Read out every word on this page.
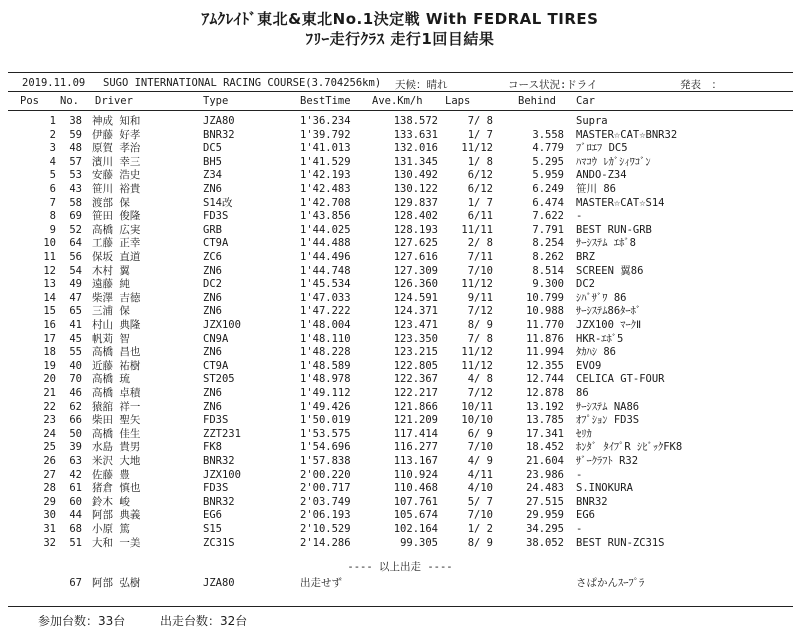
ｱﾑｸﾚｲﾄﾞ東北&東北No.1決定戦 With FEDRAL TIRES
ﾌﾘｰ走行ｸﾗｽ 走行1回目結果
2019.11.09 SUGO INTERNATIONAL RACING COURSE(3.704256km) 天候：晴れ	コース状況:ドライ	発表　：
Pos No. Driver	Type	BestTime Ave.Km/h Laps	Behind Car
1	38 神成 知和	JZA80	1'36.234	138.572	7/ 8	Supra
2	59 伊藤 好孝	BNR32	1'39.792	133.631	1/ 7	3.558 MASTER☆CAT☆BNR32
3	48 原賀 孝治	DC5	1'41.013	132.016	11/12	4.779 ﾌﾞﾛｴﾌ DC5
4	57 濱川 幸三	BH5	1'41.529	131.345	1/ 8	5.295 ﾊﾏｺｳ ﾚｶﾞｼｨﾜｺﾞﾝ
5	53 安藤 浩史	Z34	1'42.193	130.492	6/12	5.959 ANDO-Z34
6	43 笹川 裕貴	ZN6	1'42.483	130.122	6/12	6.249 笹川 86
7	58 渡部 保	S14改	1'42.708	129.837	1/ 7	6.474 MASTER☆CAT☆S14
8	69 笹田 俊隆	FD3S	1'43.856	128.402	6/11	7.622 -
9	52 高橋 広実	GRB	1'44.025	128.193	11/11	7.791 BEST RUN-GRB
10	64 工藤 正幸	CT9A	1'44.488	127.625	2/ 8	8.254 ｻｰｼｽﾃﾑ ｴﾎﾞ8
11	56 保坂 直道	ZC6	1'44.496	127.616	7/11	8.262 BRZ
12	54 木村 翼	ZN6	1'44.748	127.309	7/10	8.514 SCREEN 翼86
13	49 遠藤 純	DC2	1'45.534	126.360	11/12	9.300 DC2
14	47 柴澤 吉徳	ZN6	1'47.033	124.591	9/11	10.799 ｼﾊﾞｻﾞﾜ 86
15	65 三浦 保	ZN6	1'47.222	124.371	7/12	10.988 ｻｰｼｽﾃﾑ86ﾀｰﾎﾞ
16	41 村山 典隆	JZX100	1'48.004	123.471	8/ 9	11.770 JZX100 ﾏｰｸⅡ
17	45 帆苅 智	CN9A	1'48.110	123.350	7/ 8	11.876 HKR-ｴﾎﾞ5
18	55 高橋 昌也	ZN6	1'48.228	123.215	11/12	11.994 ﾀｶﾊｼ 86
19	40 近藤 祐樹	CT9A	1'48.589	122.805	11/12	12.355 EVO9
20	70 高橋 琉	ST205	1'48.978	122.367	4/ 8	12.744 CELICA GT-FOUR
21	46 高橋 卓積	ZN6	1'49.112	122.217	7/12	12.878 86
22	62 猿舘 祥一	ZN6	1'49.426	121.866	10/11	13.192 ｻｰｼｽﾃﾑ NA86
23	66 柴田 聖矢	FD3S	1'50.019	121.209	10/10	13.785 ｵﾌﾟｼｮﾝ FD3S
24	50 高橋 佳生	ZZT231	1'53.575	117.414	6/ 9	17.341 ｾﾘｶ
25	39 水島 貴男	FK8	1'54.696	116.277	7/10	18.452 ﾎﾝﾀﾞ ﾀｲﾌﾟR ｼﾋﾞｯｸFK8
26	63 米沢 大地	BNR32	1'57.838	113.167	4/ 9	21.604 ｻﾞｰｸﾗﾌﾄ R32
27	42 佐藤 豊	JZX100	2'00.220	110.924	4/11	23.986 -
28	61 猪倉 慎也	FD3S	2'00.717	110.468	4/10	24.483 S.INOKURA
29	60 鈴木 峻	BNR32	2'03.749	107.761	5/ 7	27.515 BNR32
30	44 阿部 典義	EG6	2'06.193	105.674	7/10	29.959 EG6
31	68 小原 篤	S15	2'10.529	102.164	1/ 2	34.295 -
32	51 大和 一美	ZC31S	2'14.286	99.305	8/ 9	38.052 BEST RUN-ZC31S
---- 以上出走 ----
67 阿部 弘樹	JZA80	出走せず	さぱかんｽｰﾌﾟﾗ
参加台数：33台	出走台数：32台
